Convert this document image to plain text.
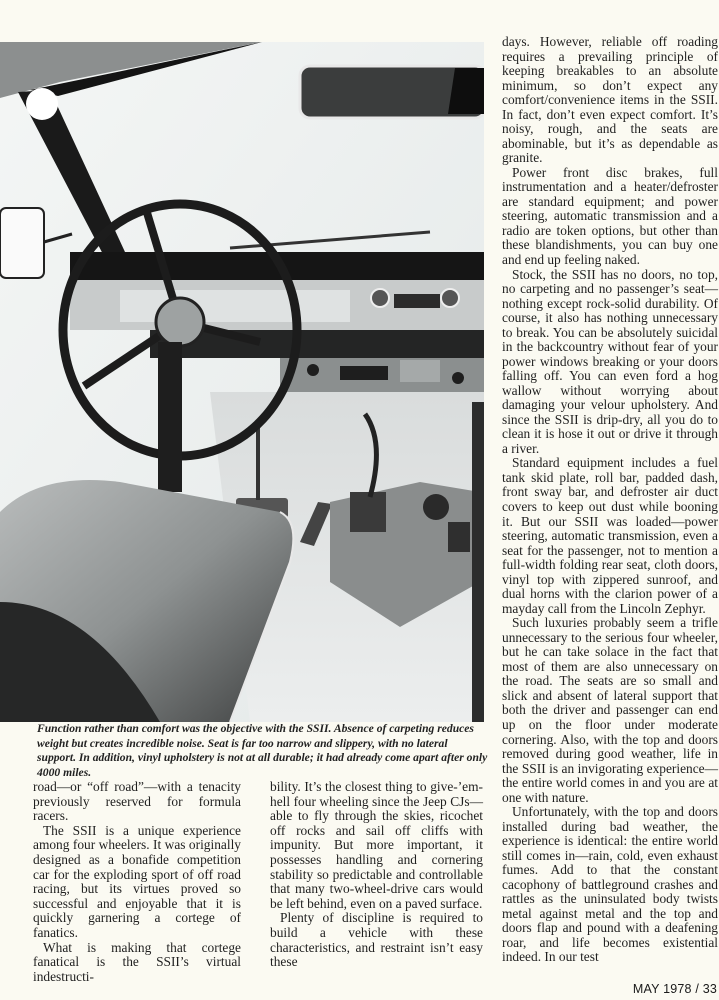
Function rather than comfort was the objective with the SSII. Absence of carpeting reduces weight but creates incredible noise. Seat is far too narrow and slippery, with no lateral support. In addition, vinyl upholstery is not at all durable; it had already come apart after only 4000 miles.

road—or “off road”—with a tenacity previously reserved for formula racers.

The SSII is a unique experience among four wheelers. It was originally designed as a bonafide competition car for the exploding sport of off road racing, but its virtues proved so successful and enjoyable that it is quickly garnering a cortege of fanatics.

What is making that cortege fanatical is the SSII’s virtual indestructi-

bility. It’s the closest thing to give-’em-hell four wheeling since the Jeep CJs—able to fly through the skies, ricochet off rocks and sail off cliffs with impunity. But more important, it possesses handling and cornering stability so predictable and controllable that many two-wheel-drive cars would be left behind, even on a paved surface.

Plenty of discipline is required to build a vehicle with these characteristics, and restraint isn’t easy these

days. However, reliable off roading requires a prevailing principle of keeping breakables to an absolute minimum, so don’t expect any comfort/convenience items in the SSII. In fact, don’t even expect comfort. It’s noisy, rough, and the seats are abominable, but it’s as dependable as granite.

Power front disc brakes, full instrumentation and a heater/defroster are standard equipment; and power steering, automatic transmission and a radio are token options, but other than these blandishments, you can buy one and end up feeling naked.

Stock, the SSII has no doors, no top, no carpeting and no passenger’s seat—nothing except rock-solid durability. Of course, it also has nothing unnecessary to break. You can be absolutely suicidal in the backcountry without fear of your power windows breaking or your doors falling off. You can even ford a hog wallow without worrying about damaging your velour upholstery. And since the SSII is drip-dry, all you do to clean it is hose it out or drive it through a river.

Standard equipment includes a fuel tank skid plate, roll bar, padded dash, front sway bar, and defroster air duct covers to keep out dust while booning it. But our SSII was loaded—power steering, automatic transmission, even a seat for the passenger, not to mention a full-width folding rear seat, cloth doors, vinyl top with zippered sunroof, and dual horns with the clarion power of a mayday call from the Lincoln Zephyr.

Such luxuries probably seem a trifle unnecessary to the serious four wheeler, but he can take solace in the fact that most of them are also unnecessary on the road. The seats are so small and slick and absent of lateral support that both the driver and passenger can end up on the floor under moderate cornering. Also, with the top and doors removed during good weather, life in the SSII is an invigorating experience—the entire world comes in and you are at one with nature.

Unfortunately, with the top and doors installed during bad weather, the experience is identical: the entire world still comes in—rain, cold, even exhaust fumes. Add to that the constant cacophony of battleground crashes and rattles as the uninsulated body twists metal against metal and the top and doors flap and pound with a deafening roar, and life becomes existential indeed. In our test

MAY 1978 / 33
